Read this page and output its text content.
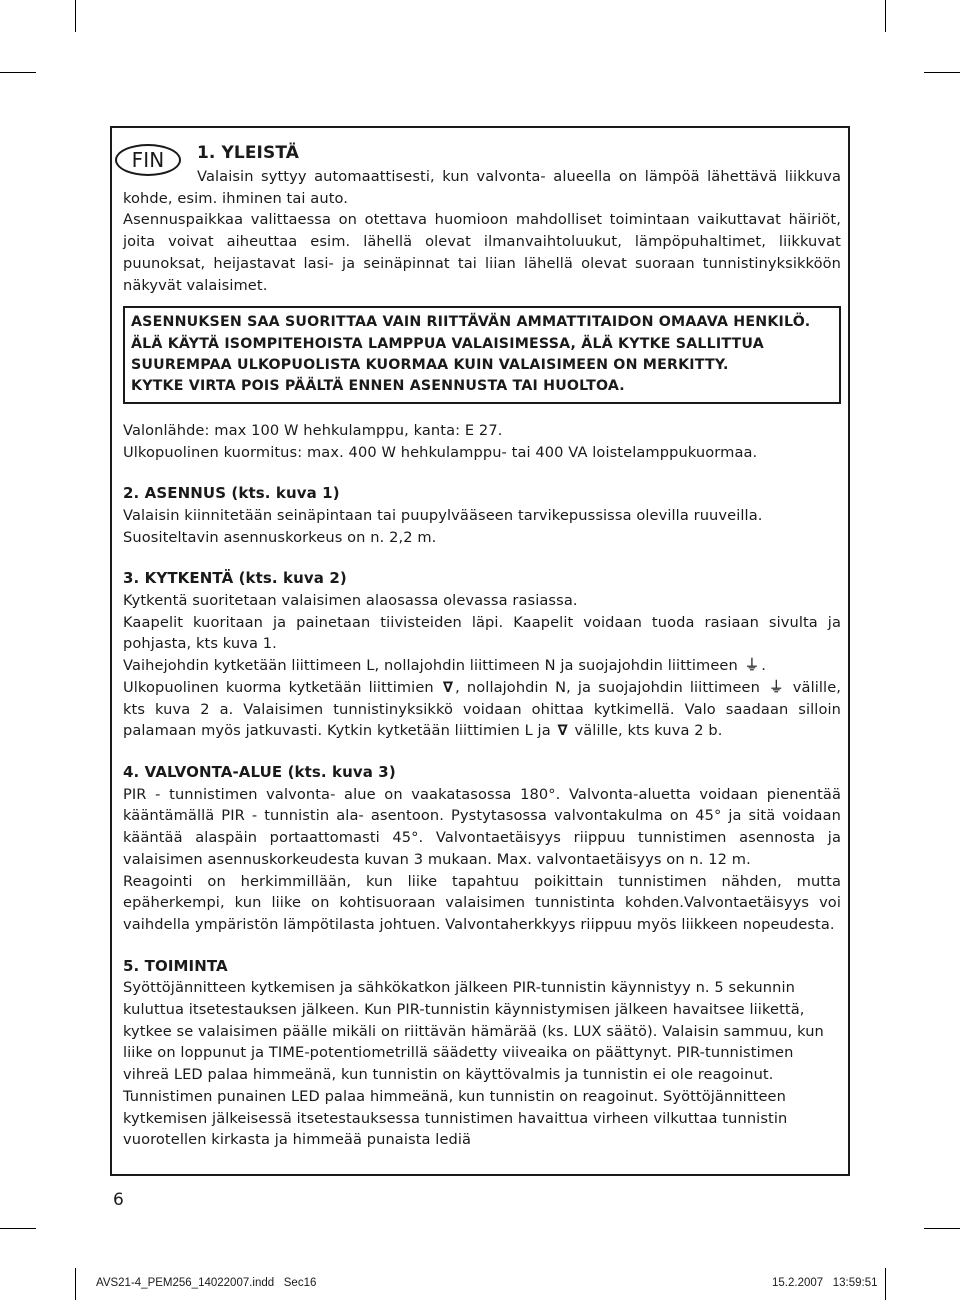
FIN	1. YLEISTÄ

Valaisin syttyy automaattisesti, kun valvonta- alueella on lämpöä lähettävä liikkuva

kohde, esim. ihminen tai auto.
Asennuspaikkaa valittaessa on otettava huomioon mahdolliset toimintaan vaikuttavat häiriöt, joita voivat aiheuttaa esim. lähellä olevat ilmanvaihtoluukut, lämpöpuhaltimet, liikkuvat puunoksat, heijastavat lasi- ja seinäpinnat tai liian lähellä olevat suoraan tunnistinyksikköön näkyvät valaisimet.

ASENNUKSEN SAA SUORITTAA VAIN RIITTÄVÄN AMMATTITAIDON OMAAVA HENKILÖ.
ÄLÄ KÄYTÄ ISOMPITEHOISTA LAMPPUA VALAISIMESSA, ÄLÄ KYTKE SALLITTUA SUUREMPAA ULKOPUOLISTA KUORMAA KUIN VALAISIMEEN ON MERKITTY.
KYTKE VIRTA POIS PÄÄLTÄ ENNEN ASENNUSTA TAI HUOLTOA.

Valonlähde: max 100 W hehkulamppu, kanta: E 27.

Ulkopuolinen kuormitus: max. 400 W hehkulamppu- tai 400 VA loistelamppukuormaa.

2. ASENNUS (kts. kuva 1)

Valaisin kiinnitetään seinäpintaan tai puupylvääseen tarvikepussissa olevilla ruuveilla.

Suositeltavin asennuskorkeus on n. 2,2 m.

3. KYTKENTÄ (kts. kuva 2)

Kytkentä suoritetaan valaisimen alaosassa olevassa rasiassa.

Kaapelit kuoritaan ja painetaan tiivisteiden läpi. Kaapelit voidaan tuoda rasiaan sivulta ja pohjasta, kts kuva 1.

Vaihejohdin kytketään liittimeen L, nollajohdin liittimeen N ja suojajohdin liittimeen ⏚ .

Ulkopuolinen kuorma kytketään liittimien ∇ , nollajohdin N, ja suojajohdin liittimeen ⏚ välille, kts kuva 2 a. Valaisimen tunnistinyksikkö voidaan ohittaa kytkimellä. Valo saadaan silloin palamaan myös jatkuvasti. Kytkin kytketään liittimien L ja ∇ välille, kts kuva 2 b.

4. VALVONTA-ALUE (kts. kuva 3)

PIR - tunnistimen valvonta- alue on vaakatasossa 180°. Valvonta-aluetta voidaan pienentää kääntämällä PIR - tunnistin ala- asentoon. Pystytasossa valvontakulma on 45° ja sitä voidaan kääntää alaspäin portaattomasti 45°. Valvontaetäisyys riippuu tunnistimen asennosta ja valaisimen asennuskorkeudesta kuvan 3 mukaan. Max. valvontaetäisyys on n. 12 m.
Reagointi on herkimmillään, kun liike tapahtuu poikittain tunnistimen nähden, mutta epäherkempi, kun liike on kohtisuoraan valaisimen tunnistinta kohden.Valvontaetäisyys voi vaihdella ympäristön lämpötilasta johtuen. Valvontaherkkyys riippuu myös liikkeen nopeudesta.

5. TOIMINTA

Syöttöjännitteen kytkemisen ja sähkökatkon jälkeen PIR-tunnistin käynnistyy n. 5 sekunnin kuluttua itsetestauksen jälkeen. Kun PIR-tunnistin käynnistymisen jälkeen havaitsee liikettä, kytkee se valaisimen päälle mikäli on riittävän hämärää (ks. LUX säätö). Valaisin sammuu, kun liike on loppunut ja TIME-potentiometrillä säädetty viiveaika on päättynyt. PIR-tunnistimen vihreä LED palaa himmeänä, kun tunnistin on käyttövalmis ja tunnistin ei ole reagoinut. Tunnistimen punainen LED palaa himmeänä, kun tunnistin on reagoinut. Syöttöjännitteen kytkemisen jälkeisessä itsetestauksessa tunnistimen havaittua virheen vilkuttaa tunnistin vuorotellen kirkasta ja himmeää punaista lediä

6
AVS21-4_PEM256_14022007.indd   Sec16	15.2.2007   13:59:51
